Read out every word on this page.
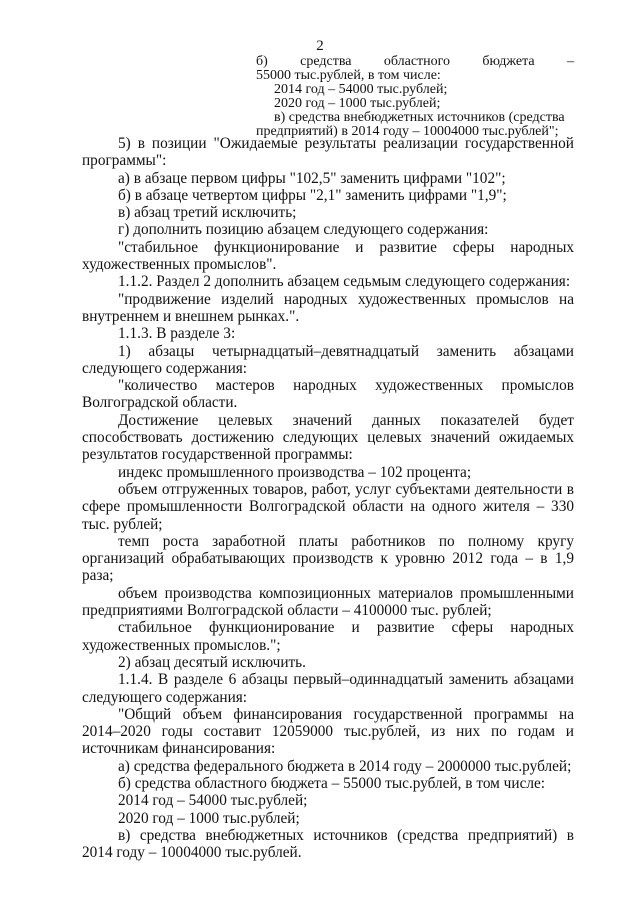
2

б) средства областного бюджета –

55000 тыс.рублей, в том числе:

2014 год – 54000 тыс.рублей;

2020 год – 1000 тыс.рублей;

в) средства внебюджетных источников (средства

предприятий) в 2014 году – 10004000 тыс.рублей";

5) в позиции "Ожидаемые результаты реализации государственной программы":

а) в абзаце первом цифры "102,5" заменить цифрами "102";

б) в абзаце четвертом цифры "2,1" заменить цифрами "1,9";

в) абзац третий исключить;

г) дополнить позицию абзацем следующего содержания:

"стабильное функционирование и развитие сферы народных художественных промыслов".

1.1.2. Раздел 2 дополнить абзацем седьмым следующего содержания:

"продвижение изделий народных художественных промыслов на внутреннем и внешнем рынках.".

1.1.3. В разделе 3:

1) абзацы четырнадцатый–девятнадцатый заменить абзацами следующего содержания:

"количество мастеров народных художественных промыслов Волгоградской области.

Достижение целевых значений данных показателей будет способствовать достижению следующих целевых значений ожидаемых результатов государственной программы:

индекс промышленного производства – 102 процента;

объем отгруженных товаров, работ, услуг субъектами деятельности в сфере промышленности Волгоградской области на одного жителя – 330 тыс. рублей;

темп роста заработной платы работников по полному кругу организаций обрабатывающих производств к уровню 2012 года – в 1,9 раза;

объем производства композиционных материалов промышленными предприятиями Волгоградской области – 4100000 тыс. рублей;

стабильное функционирование и развитие сферы народных художественных промыслов.";

2) абзац десятый исключить.

1.1.4. В разделе 6 абзацы первый–одиннадцатый заменить абзацами следующего содержания:

"Общий объем финансирования государственной программы на 2014–2020 годы составит 12059000 тыс.рублей, из них по годам и источникам финансирования:

а) средства федерального бюджета в 2014 году – 2000000 тыс.рублей;

б) средства областного бюджета – 55000 тыс.рублей, в том числе:

2014 год – 54000 тыс.рублей;

2020 год – 1000 тыс.рублей;

в) средства внебюджетных источников (средства предприятий) в 2014 году – 10004000 тыс.рублей.
